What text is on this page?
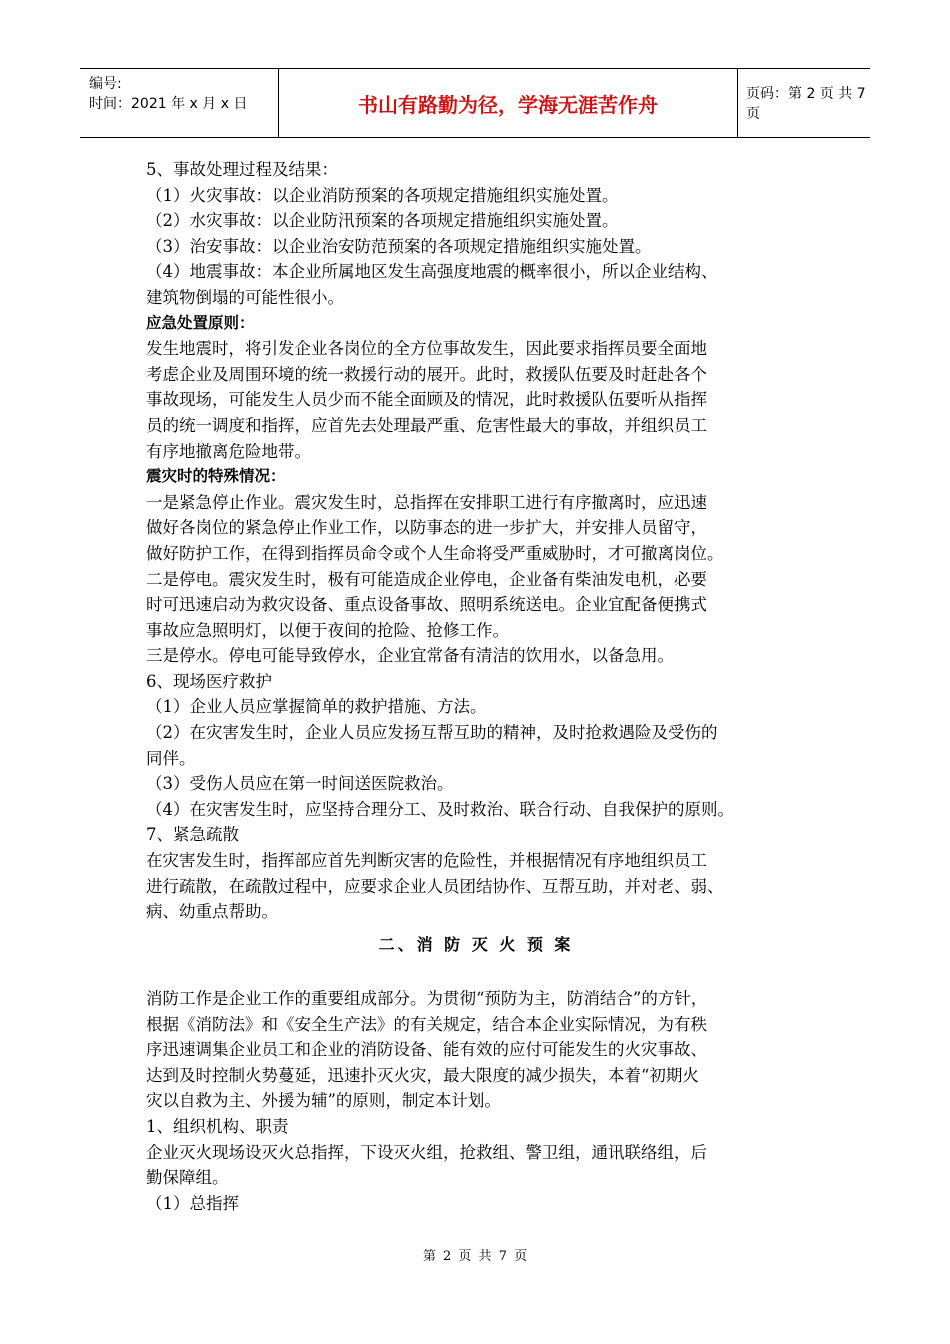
编号:
时间：2021 年 x 月 x 日	书山有路勤为径，学海无涯苦作舟	页码：第 2 页 共 7 页

5、事故处理过程及结果：

（1）火灾事故：以企业消防预案的各项规定措施组织实施处置。

（2）水灾事故：以企业防汛预案的各项规定措施组织实施处置。

（3）治安事故：以企业治安防范预案的各项规定措施组织实施处置。

（4）地震事故：本企业所属地区发生高强度地震的概率很小，所以企业结构、

建筑物倒塌的可能性很小。

应急处置原则：

发生地震时，将引发企业各岗位的全方位事故发生，因此要求指挥员要全面地

考虑企业及周围环境的统一救援行动的展开。此时，救援队伍要及时赶赴各个

事故现场，可能发生人员少而不能全面顾及的情况，此时救援队伍要听从指挥

员的统一调度和指挥，应首先去处理最严重、危害性最大的事故，并组织员工

有序地撤离危险地带。

震灾时的特殊情况：

一是紧急停止作业。震灾发生时，总指挥在安排职工进行有序撤离时，应迅速

做好各岗位的紧急停止作业工作，以防事态的进一步扩大，并安排人员留守，

做好防护工作，在得到指挥员命令或个人生命将受严重威胁时，才可撤离岗位。

二是停电。震灾发生时，极有可能造成企业停电，企业备有柴油发电机，必要

时可迅速启动为救灾设备、重点设备事故、照明系统送电。企业宜配备便携式

事故应急照明灯，以便于夜间的抢险、抢修工作。

三是停水。停电可能导致停水，企业宜常备有清洁的饮用水，以备急用。

6、现场医疗救护

（1）企业人员应掌握简单的救护措施、方法。

（2）在灾害发生时，企业人员应发扬互帮互助的精神，及时抢救遇险及受伤的

同伴。

（3）受伤人员应在第一时间送医院救治。

（4）在灾害发生时，应坚持合理分工、及时救治、联合行动、自我保护的原则。

7、紧急疏散

在灾害发生时，指挥部应首先判断灾害的危险性，并根据情况有序地组织员工

进行疏散，在疏散过程中，应要求企业人员团结协作、互帮互助，并对老、弱、

病、幼重点帮助。

二、消 防 灭 火 预 案

消防工作是企业工作的重要组成部分。为贯彻“预防为主，防消结合”的方针，

根据《消防法》和《安全生产法》的有关规定，结合本企业实际情况，为有秩

序迅速调集企业员工和企业的消防设备、能有效的应付可能发生的火灾事故、

达到及时控制火势蔓延，迅速扑灭火灾，最大限度的减少损失，本着“初期火

灾以自救为主、外援为辅”的原则，制定本计划。

1、组织机构、职责

企业灭火现场设灭火总指挥，下设灭火组，抢救组、警卫组，通讯联络组，后

勤保障组。

（1）总指挥

第 2 页 共 7 页
